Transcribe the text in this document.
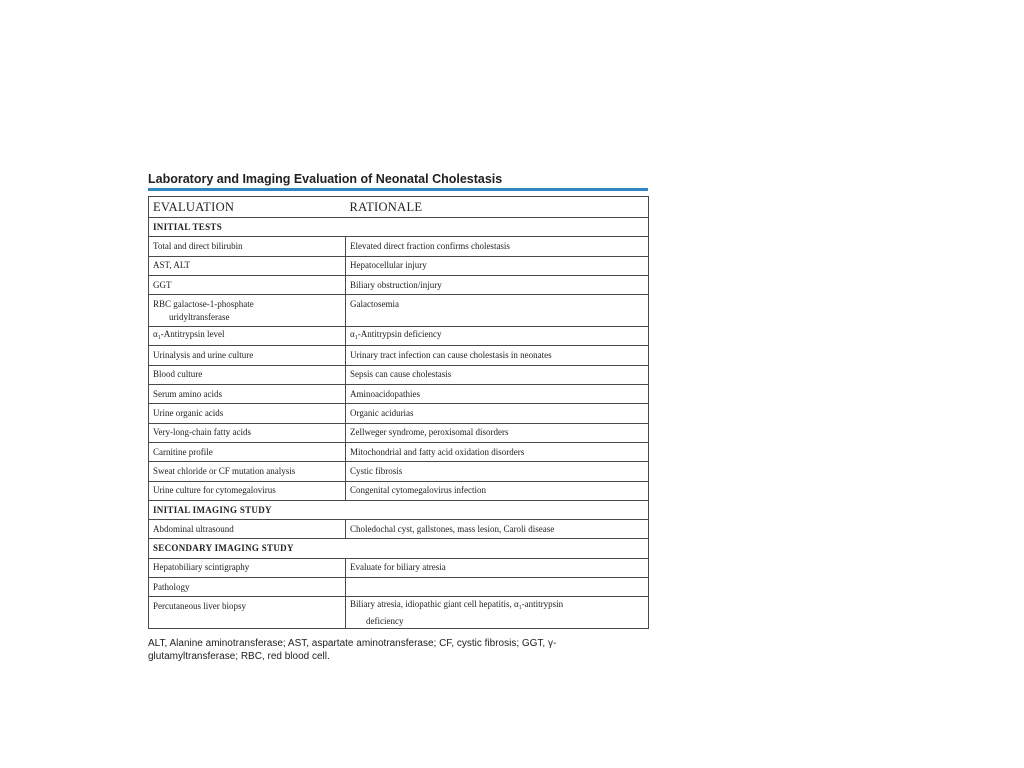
Laboratory and Imaging Evaluation of Neonatal Cholestasis
EVALUATION	RATIONALE
INITIAL TESTS	
Total and direct bilirubin	Elevated direct fraction confirms cholestasis
AST, ALT	Hepatocellular injury
GGT	Biliary obstruction/injury
RBC galactose-1-phosphate
uridyltransferase	Galactosemia
$\alpha_1$-Antitrypsin level	$\alpha_1$-Antitrypsin deficiency
Urinalysis and urine culture	Urinary tract infection can cause cholestasis in neonates
Blood culture	Sepsis can cause cholestasis
Serum amino acids	Aminoacidopathies
Urine organic acids	Organic acidurias
Very-long-chain fatty acids	Zellweger syndrome, peroxisomal disorders
Carnitine profile	Mitochondrial and fatty acid oxidation disorders
Sweat chloride or CF mutation analysis	Cystic fibrosis
Urine culture for cytomegalovirus	Congenital cytomegalovirus infection
INITIAL IMAGING STUDY	
Abdominal ultrasound	Choledochal cyst, gallstones, mass lesion, Caroli disease
SECONDARY IMAGING STUDY	
Hepatobiliary scintigraphy	Evaluate for biliary atresia
Pathology	
Percutaneous liver biopsy	Biliary atresia, idiopathic giant cell hepatitis, $\alpha_1$-antitrypsin
deficiency
ALT, Alanine aminotransferase; AST, aspartate aminotransferase; CF, cystic fibrosis; GGT, γ-glutamyltransferase; RBC, red blood cell.
